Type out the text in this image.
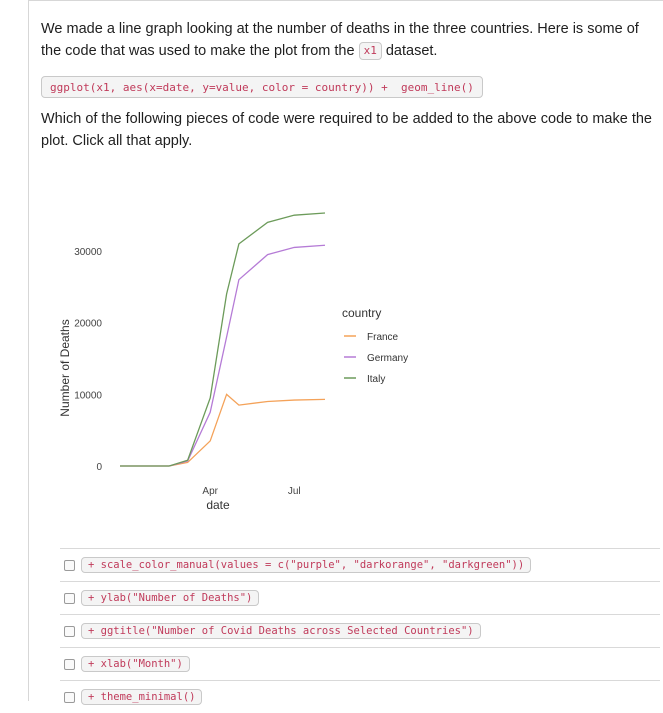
We made a line graph looking at the number of deaths in the three countries. Here is some of the code that was used to make the plot from the x1 dataset.
ggplot(x1, aes(x=date, y=value, color = country)) +  geom_line()
Which of the following pieces of code were required to be added to the above code to make the plot. Click all that apply.
0
10000
20000
30000
Apr	Jul
date
Number of Deaths
country
France
Germany
Italy
+ scale_color_manual(values = c("purple", "darkorange", "darkgreen"))
+ ylab("Number of Deaths")
+ ggtitle("Number of Covid Deaths across Selected Countries")
+ xlab("Month")
+ theme_minimal()
